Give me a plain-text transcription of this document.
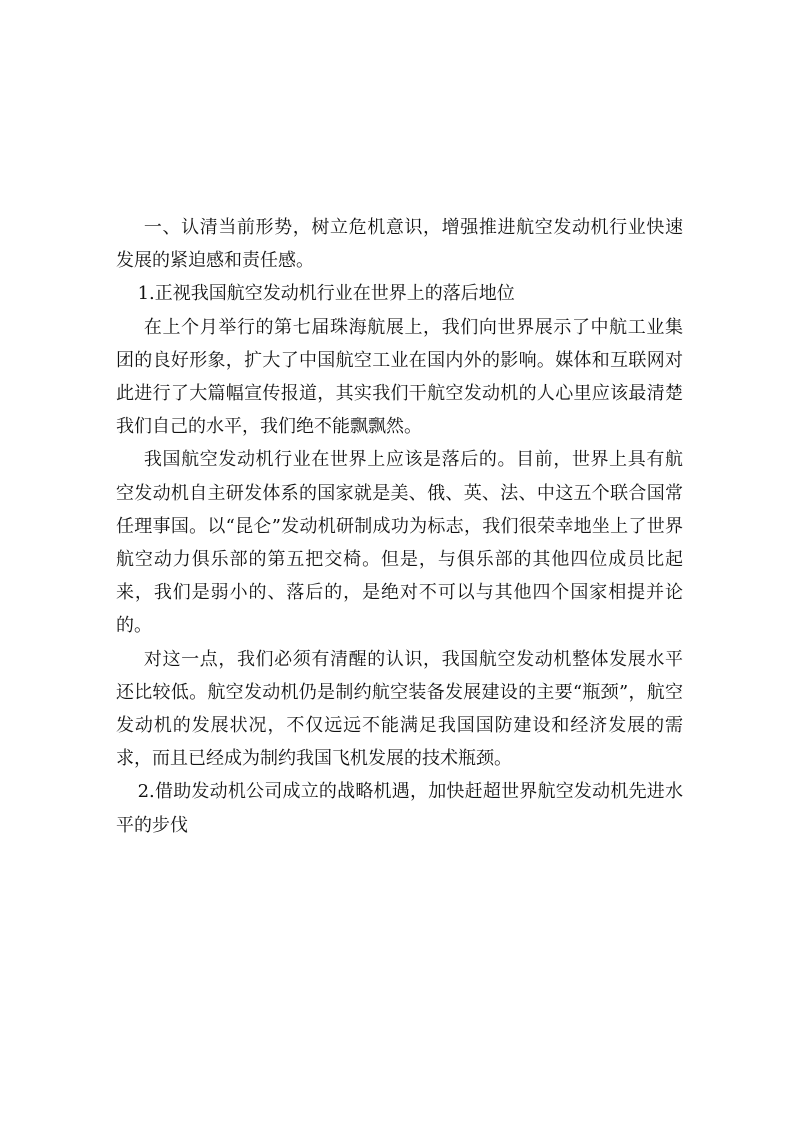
一、认清当前形势，树立危机意识，增强推进航空发动机行业快速发展的紧迫感和责任感。

1.正视我国航空发动机行业在世界上的落后地位

在上个月举行的第七届珠海航展上，我们向世界展示了中航工业集团的良好形象，扩大了中国航空工业在国内外的影响。媒体和互联网对此进行了大篇幅宣传报道，其实我们干航空发动机的人心里应该最清楚我们自己的水平，我们绝不能飘飘然。

我国航空发动机行业在世界上应该是落后的。目前，世界上具有航空发动机自主研发体系的国家就是美、俄、英、法、中这五个联合国常任理事国。以“昆仑”发动机研制成功为标志，我们很荣幸地坐上了世界航空动力俱乐部的第五把交椅。但是，与俱乐部的其他四位成员比起来，我们是弱小的、落后的，是绝对不可以与其他四个国家相提并论的。

对这一点，我们必须有清醒的认识，我国航空发动机整体发展水平还比较低。航空发动机仍是制约航空装备发展建设的主要“瓶颈”，航空发动机的发展状况，不仅远远不能满足我国国防建设和经济发展的需求，而且已经成为制约我国飞机发展的技术瓶颈。

2.借助发动机公司成立的战略机遇，加快赶超世界航空发动机先进水平的步伐
